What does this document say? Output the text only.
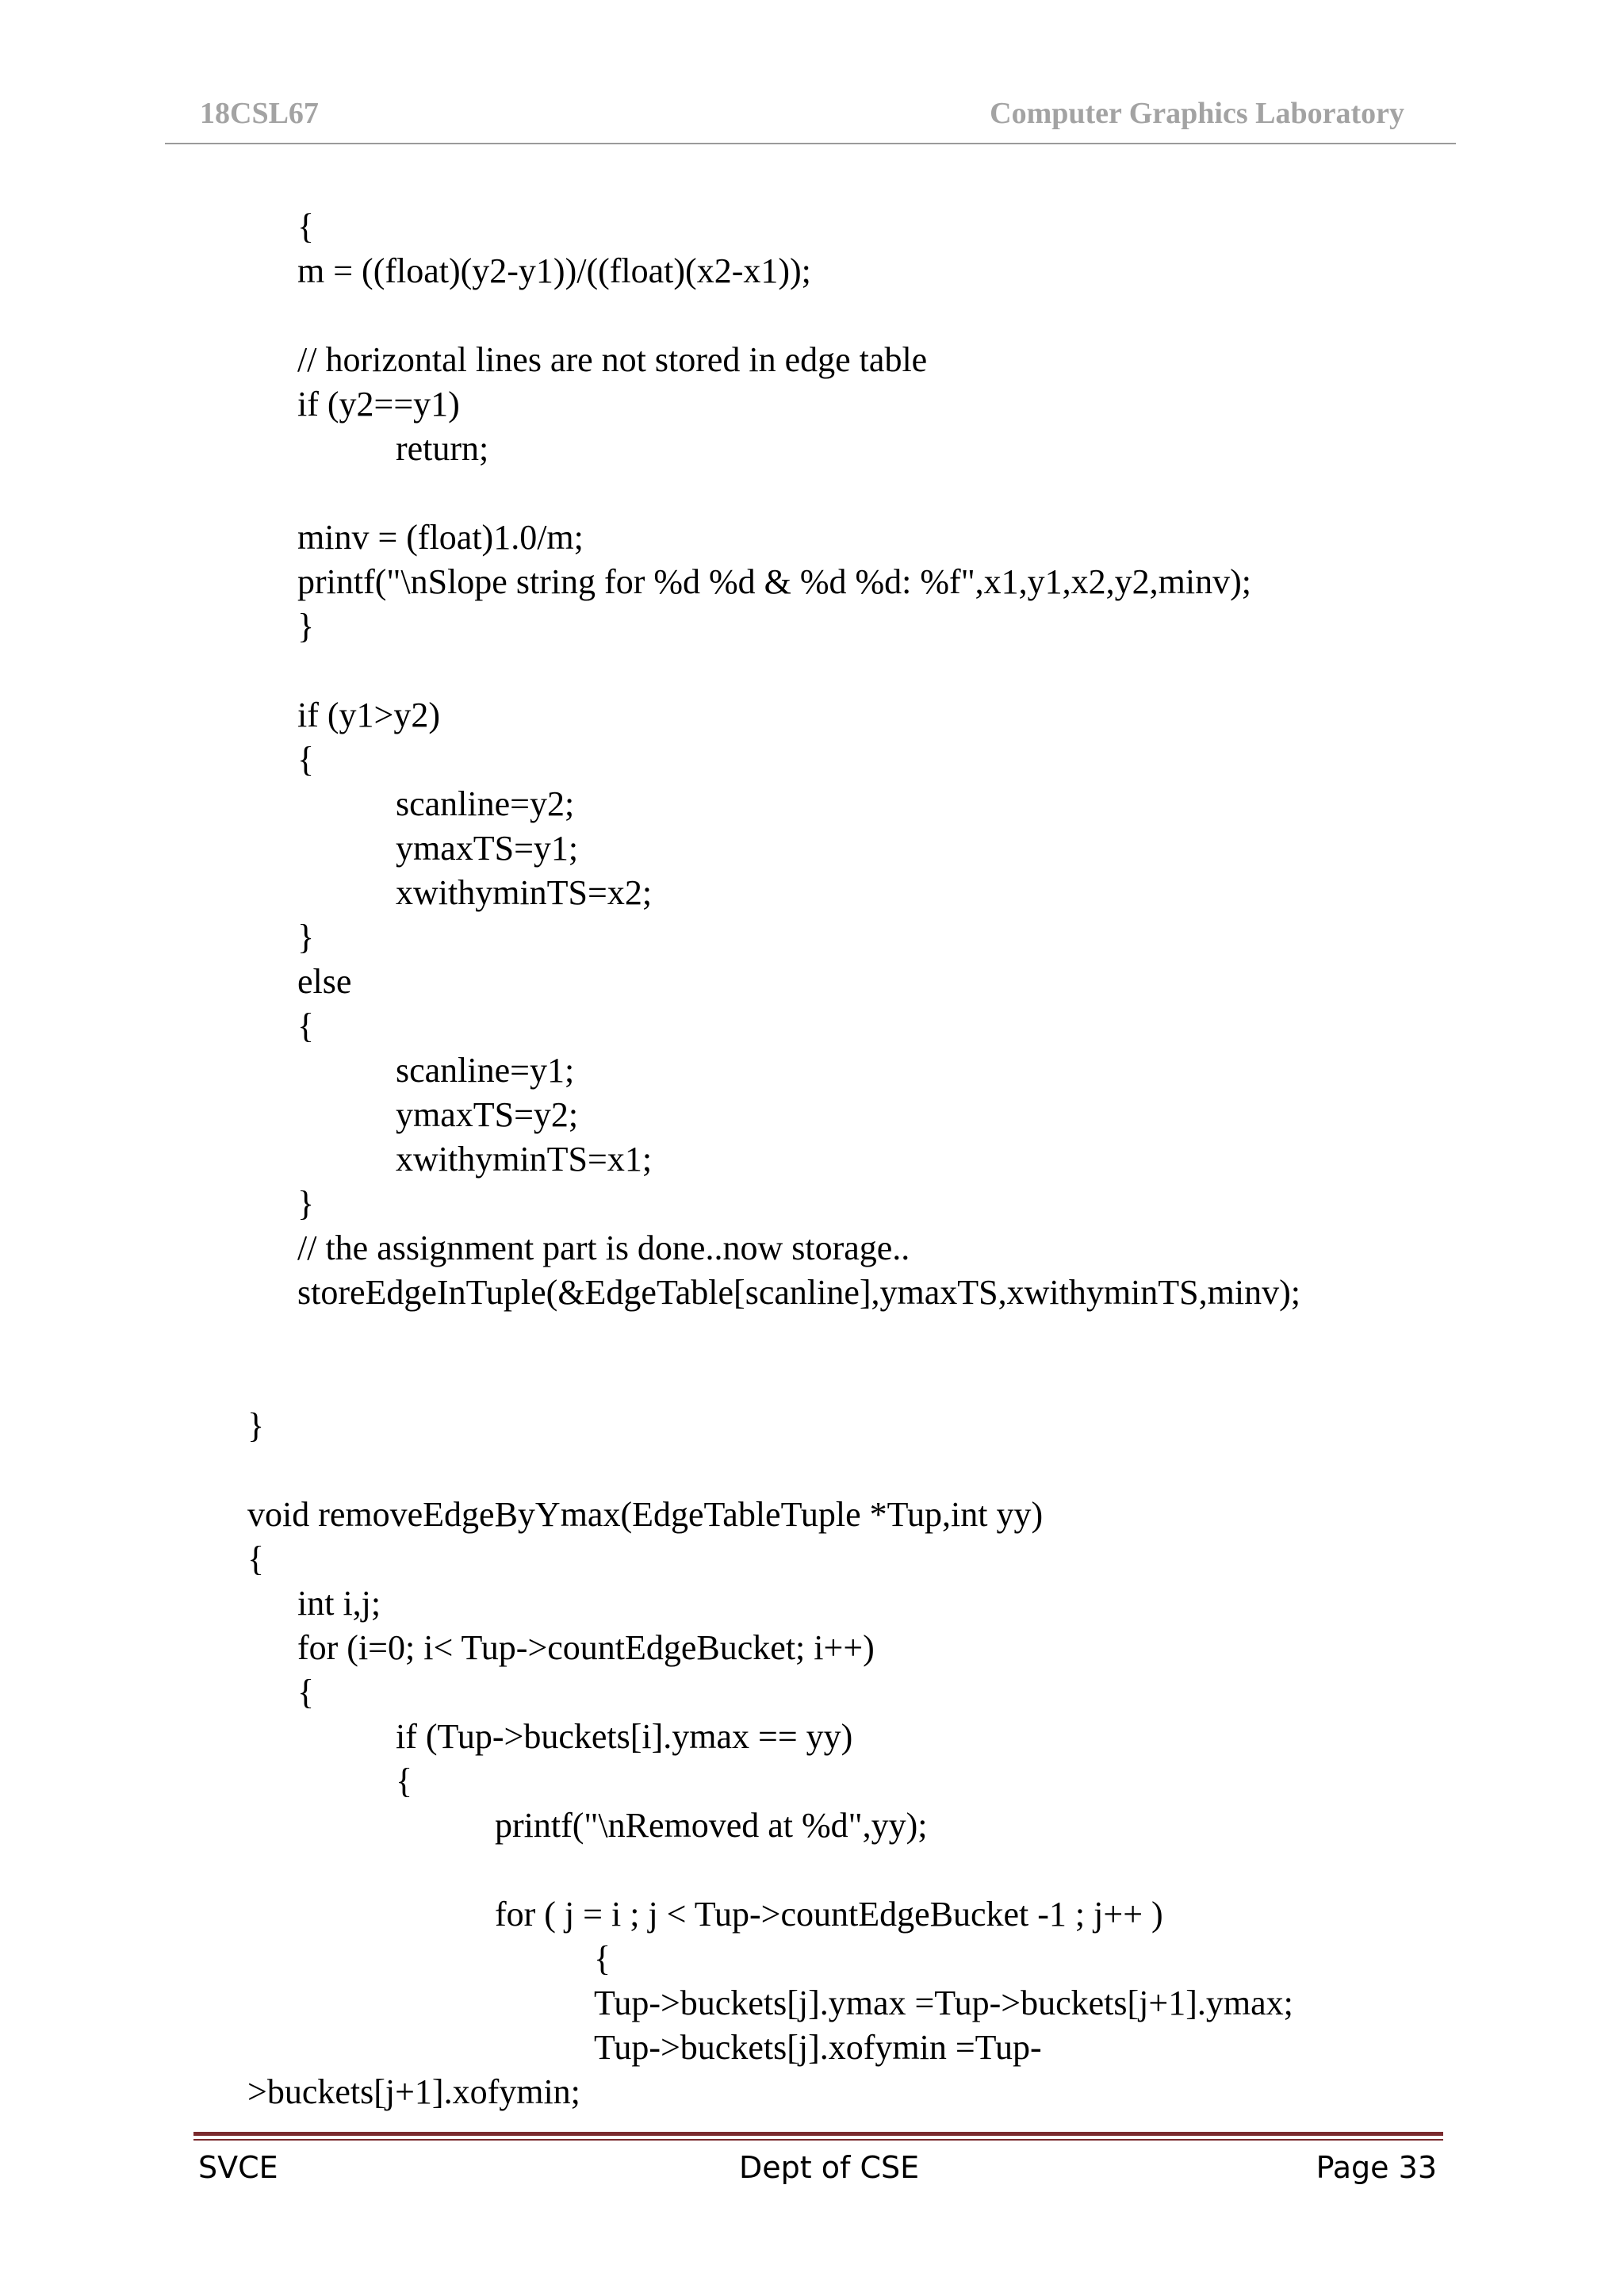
18CSL67	Computer Graphics Laboratory
{
m = ((float)(y2-y1))/((float)(x2-x1));
// horizontal lines are not stored in edge table
if (y2==y1)
return;
minv = (float)1.0/m;
printf("\nSlope string for %d %d & %d %d: %f",x1,y1,x2,y2,minv);
}
if (y1>y2)
{
scanline=y2;
ymaxTS=y1;
xwithyminTS=x2;
}
else
{
scanline=y1;
ymaxTS=y2;
xwithyminTS=x1;
}
// the assignment part is done..now storage..
storeEdgeInTuple(&EdgeTable[scanline],ymaxTS,xwithyminTS,minv);
}
void removeEdgeByYmax(EdgeTableTuple *Tup,int yy)
{
int i,j;
for (i=0; i< Tup->countEdgeBucket; i++)
{
if (Tup->buckets[i].ymax == yy)
{
printf("\nRemoved at %d",yy);
for ( j = i ; j < Tup->countEdgeBucket -1 ; j++ )
{
Tup->buckets[j].ymax =Tup->buckets[j+1].ymax;
Tup->buckets[j].xofymin =Tup-
>buckets[j+1].xofymin;
SVCE	Dept of CSE	Page 33
